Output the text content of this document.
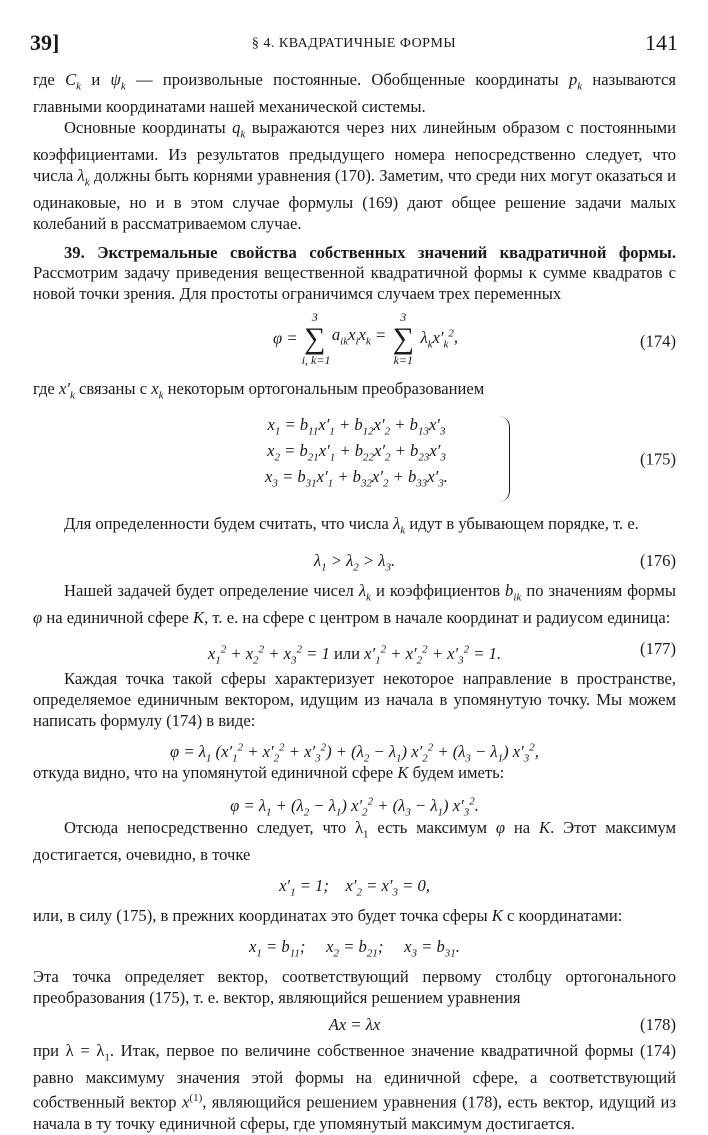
39]	§ 4. КВАДРАТИЧНЫЕ ФОРМЫ	141

где $C_k$ и $\psi_k$ — произвольные постоянные. Обобщенные координаты $p_k$ называются главными координатами нашей механической системы.

Основные координаты $q_k$ выражаются через них линейным образом с постоянными коэффициентами. Из результатов предыдущего номера непосредственно следует, что числа $\lambda_k$ должны быть корнями уравнения (170). Заметим, что среди них могут оказаться и одинаковые, но и в этом случае формулы (169) дают общее решение задачи малых колебаний в рассматриваемом случае.

39. Экстремальные свойства собственных значений квадратичной формы. Рассмотрим задачу приведения вещественной квадратичной формы к сумме квадратов с новой точки зрения. Для простоты ограничимся случаем трех переменных

φ =
3
∑
i, k=1
$a_{ik}x_ix_k$ =
3
∑
k=1
$\lambda_kx'_k^2$,	(174)

где $x'_k$ связаны с $x_k$ некоторым ортогональным преобразованием

$x_1 = b_{11}x'_1 + b_{12}x'_2 + b_{13}x'_3$
$x_2 = b_{21}x'_1 + b_{22}x'_2 + b_{23}x'_3$
$x_3 = b_{31}x'_1 + b_{32}x'_2 + b_{33}x'_3$.
(175)

Для определенности будем считать, что числа $\lambda_k$ идут в убывающем порядке, т. е.

$\lambda_1 > \lambda_2 > \lambda_3$.	(176)

Нашей задачей будет определение чисел $\lambda_k$ и коэффициентов $b_{ik}$ по значениям формы φ на единичной сфере K, т. е. на сфере с центром в начале координат и радиусом единица:

$x_1^2 + x_2^2 + x_3^2 = 1$ или $x'_1^2 + x'_2^2 + x'_3^2 = 1$.	(177)

Каждая точка такой сферы характеризует некоторое направление в пространстве, определяемое единичным вектором, идущим из начала в упомянутую точку. Мы можем написать формулу (174) в виде:

$\varphi = \lambda_1$ $(x'_1^2 + x'_2^2 + x'_3^2) + (\lambda_2 - \lambda_1) x'_2^2 + (\lambda_3 - \lambda_1)$ $x'_3^2$,

откуда видно, что на упомянутой единичной сфере K будем иметь:

$\varphi = \lambda_1 + (\lambda_2 - \lambda_1) x'_2^2 + (\lambda_3 - \lambda_1)$ $x'_3^2$.

Отсюда непосредственно следует, что $\lambda_1$ есть максимум φ на K. Этот максимум достигается, очевидно, в точке

$x'_1 = 1$;    $x'_2 = x'_3 = 0$,

или, в силу (175), в прежних координатах это будет точка сферы K с координатами:

$x_1 = b_{11}$;     $x_2 = b_{21}$;     $x_3 = b_{31}$.

Эта точка определяет вектор, соответствующий первому столбцу ортогонального преобразования (175), т. е. вектор, являющийся решением уравнения

Ax = λx	(178)

при $\lambda = \lambda_1$. Итак, первое по величине собственное значение квадратичной формы (174) равно максимуму значения этой формы на единичной сфере, а соответствующий собственный вектор $x^{(1)}$, являющийся решением уравнения (178), есть вектор, идущий из начала в ту точку единичной сферы, где упомянутый максимум достигается.
